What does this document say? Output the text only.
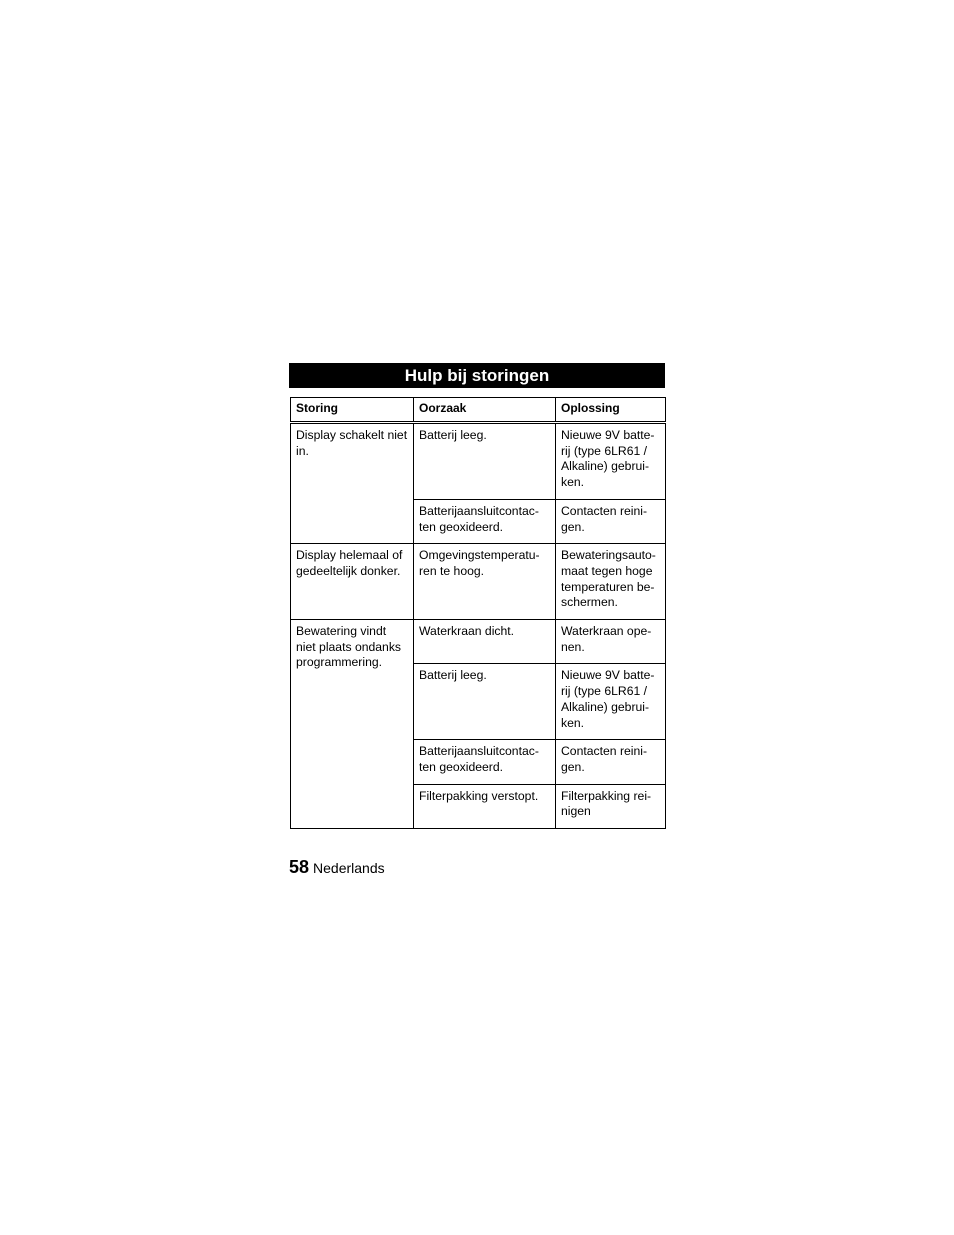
Hulp bij storingen
Storing	Oorzaak	Oplossing
Display schakelt niet in.	Batterij leeg.	Nieuwe 9V batte-rij (type 6LR61 / Alkaline) gebrui-ken.
	Batterijaansluitcontac-ten geoxideerd.	Contacten reini-gen.
Display helemaal of gedeeltelijk donker.	Omgevingstemperatu-ren te hoog.	Bewateringsauto-maat tegen hoge temperaturen be-schermen.
Bewatering vindt niet plaats ondanks programmering.	Waterkraan dicht.	Waterkraan ope-nen.
	Batterij leeg.	Nieuwe 9V batte-rij (type 6LR61 / Alkaline) gebrui-ken.
	Batterijaansluitcontac-ten geoxideerd.	Contacten reini-gen.
	Filterpakking verstopt.	Filterpakking rei-nigen
58 Nederlands
